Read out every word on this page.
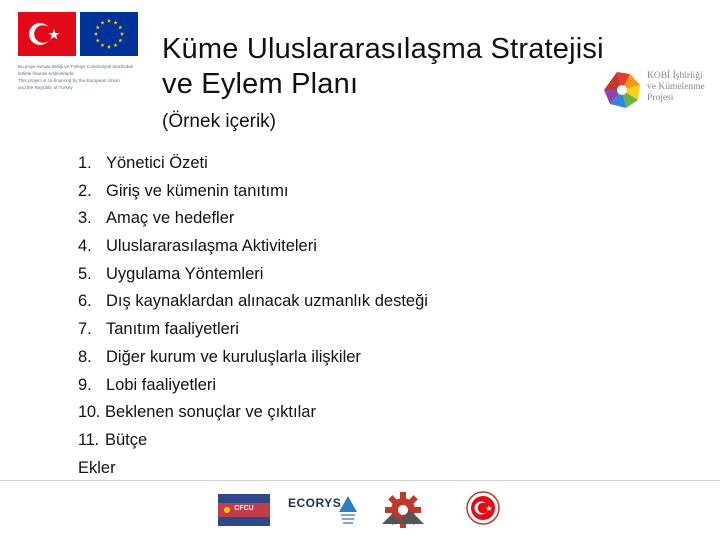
Bu proje Avrupa Birliği ve Türkiye Cumhuriyeti tarafından
birlikte finanse edilmektedir.
This project is co-financed by the European Union
and the Republic of Turkey
Küme Uluslararasılaşma Stratejisi
ve Eylem Planı
(Örnek içerik)
KOBİ İşbirliği
ve Kümelenme
Projesi
1. Yönetici Özeti
2. Giriş ve kümenin tanıtımı
3. Amaç ve hedefler
4. Uluslararasılaşma Aktiviteleri
5. Uygulama Yöntemleri
6. Dış kaynaklardan alınacak uzmanlık desteği
7. Tanıtım faaliyetleri
8. Diğer kurum ve kuruluşlarla ilişkiler
9. Lobi faaliyetleri
10. Beklenen sonuçlar ve çıktılar
11. Bütçe
Ekler
CFCU	ECORYS
